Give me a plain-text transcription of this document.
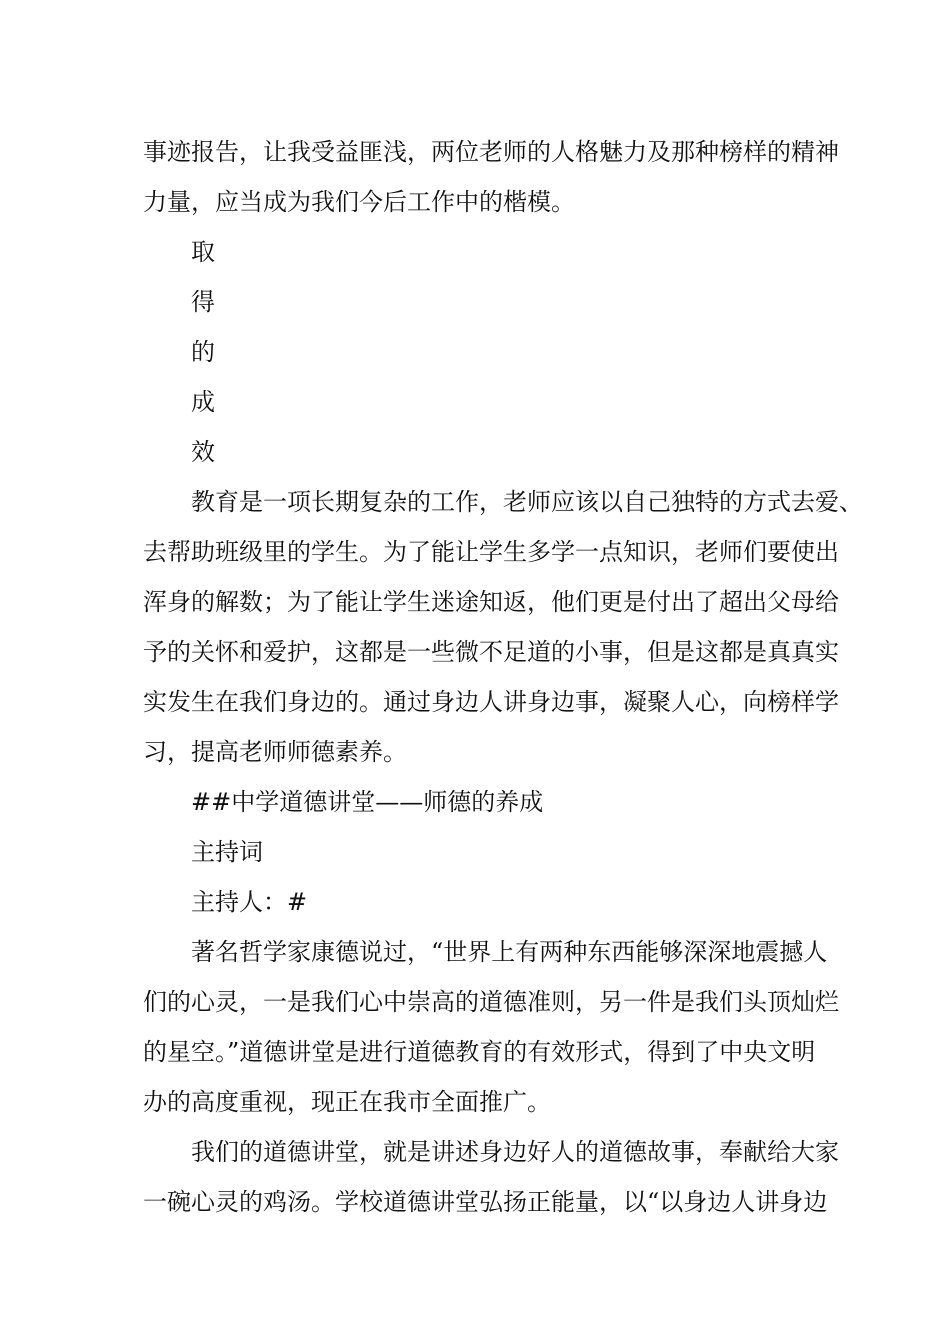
事迹报告，让我受益匪浅，两位老师的人格魅力及那种榜样的精神
力量，应当成为我们今后工作中的楷模。
取
得
的
成
效
教育是一项长期复杂的工作，老师应该以自己独特的方式去爱、
去帮助班级里的学生。为了能让学生多学一点知识，老师们要使出
浑身的解数；为了能让学生迷途知返，他们更是付出了超出父母给
予的关怀和爱护，这都是一些微不足道的小事，但是这都是真真实
实发生在我们身边的。通过身边人讲身边事，凝聚人心，向榜样学
习，提高老师师德素养。
##中学道德讲堂——师德的养成
主持词
主持人：#
著名哲学家康德说过，“世界上有两种东西能够深深地震撼人
们的心灵，一是我们心中崇高的道德准则，另一件是我们头顶灿烂
的星空。”道德讲堂是进行道德教育的有效形式，得到了中央文明
办的高度重视，现正在我市全面推广。
我们的道德讲堂，就是讲述身边好人的道德故事，奉献给大家
一碗心灵的鸡汤。学校道德讲堂弘扬正能量，以“以身边人讲身边
